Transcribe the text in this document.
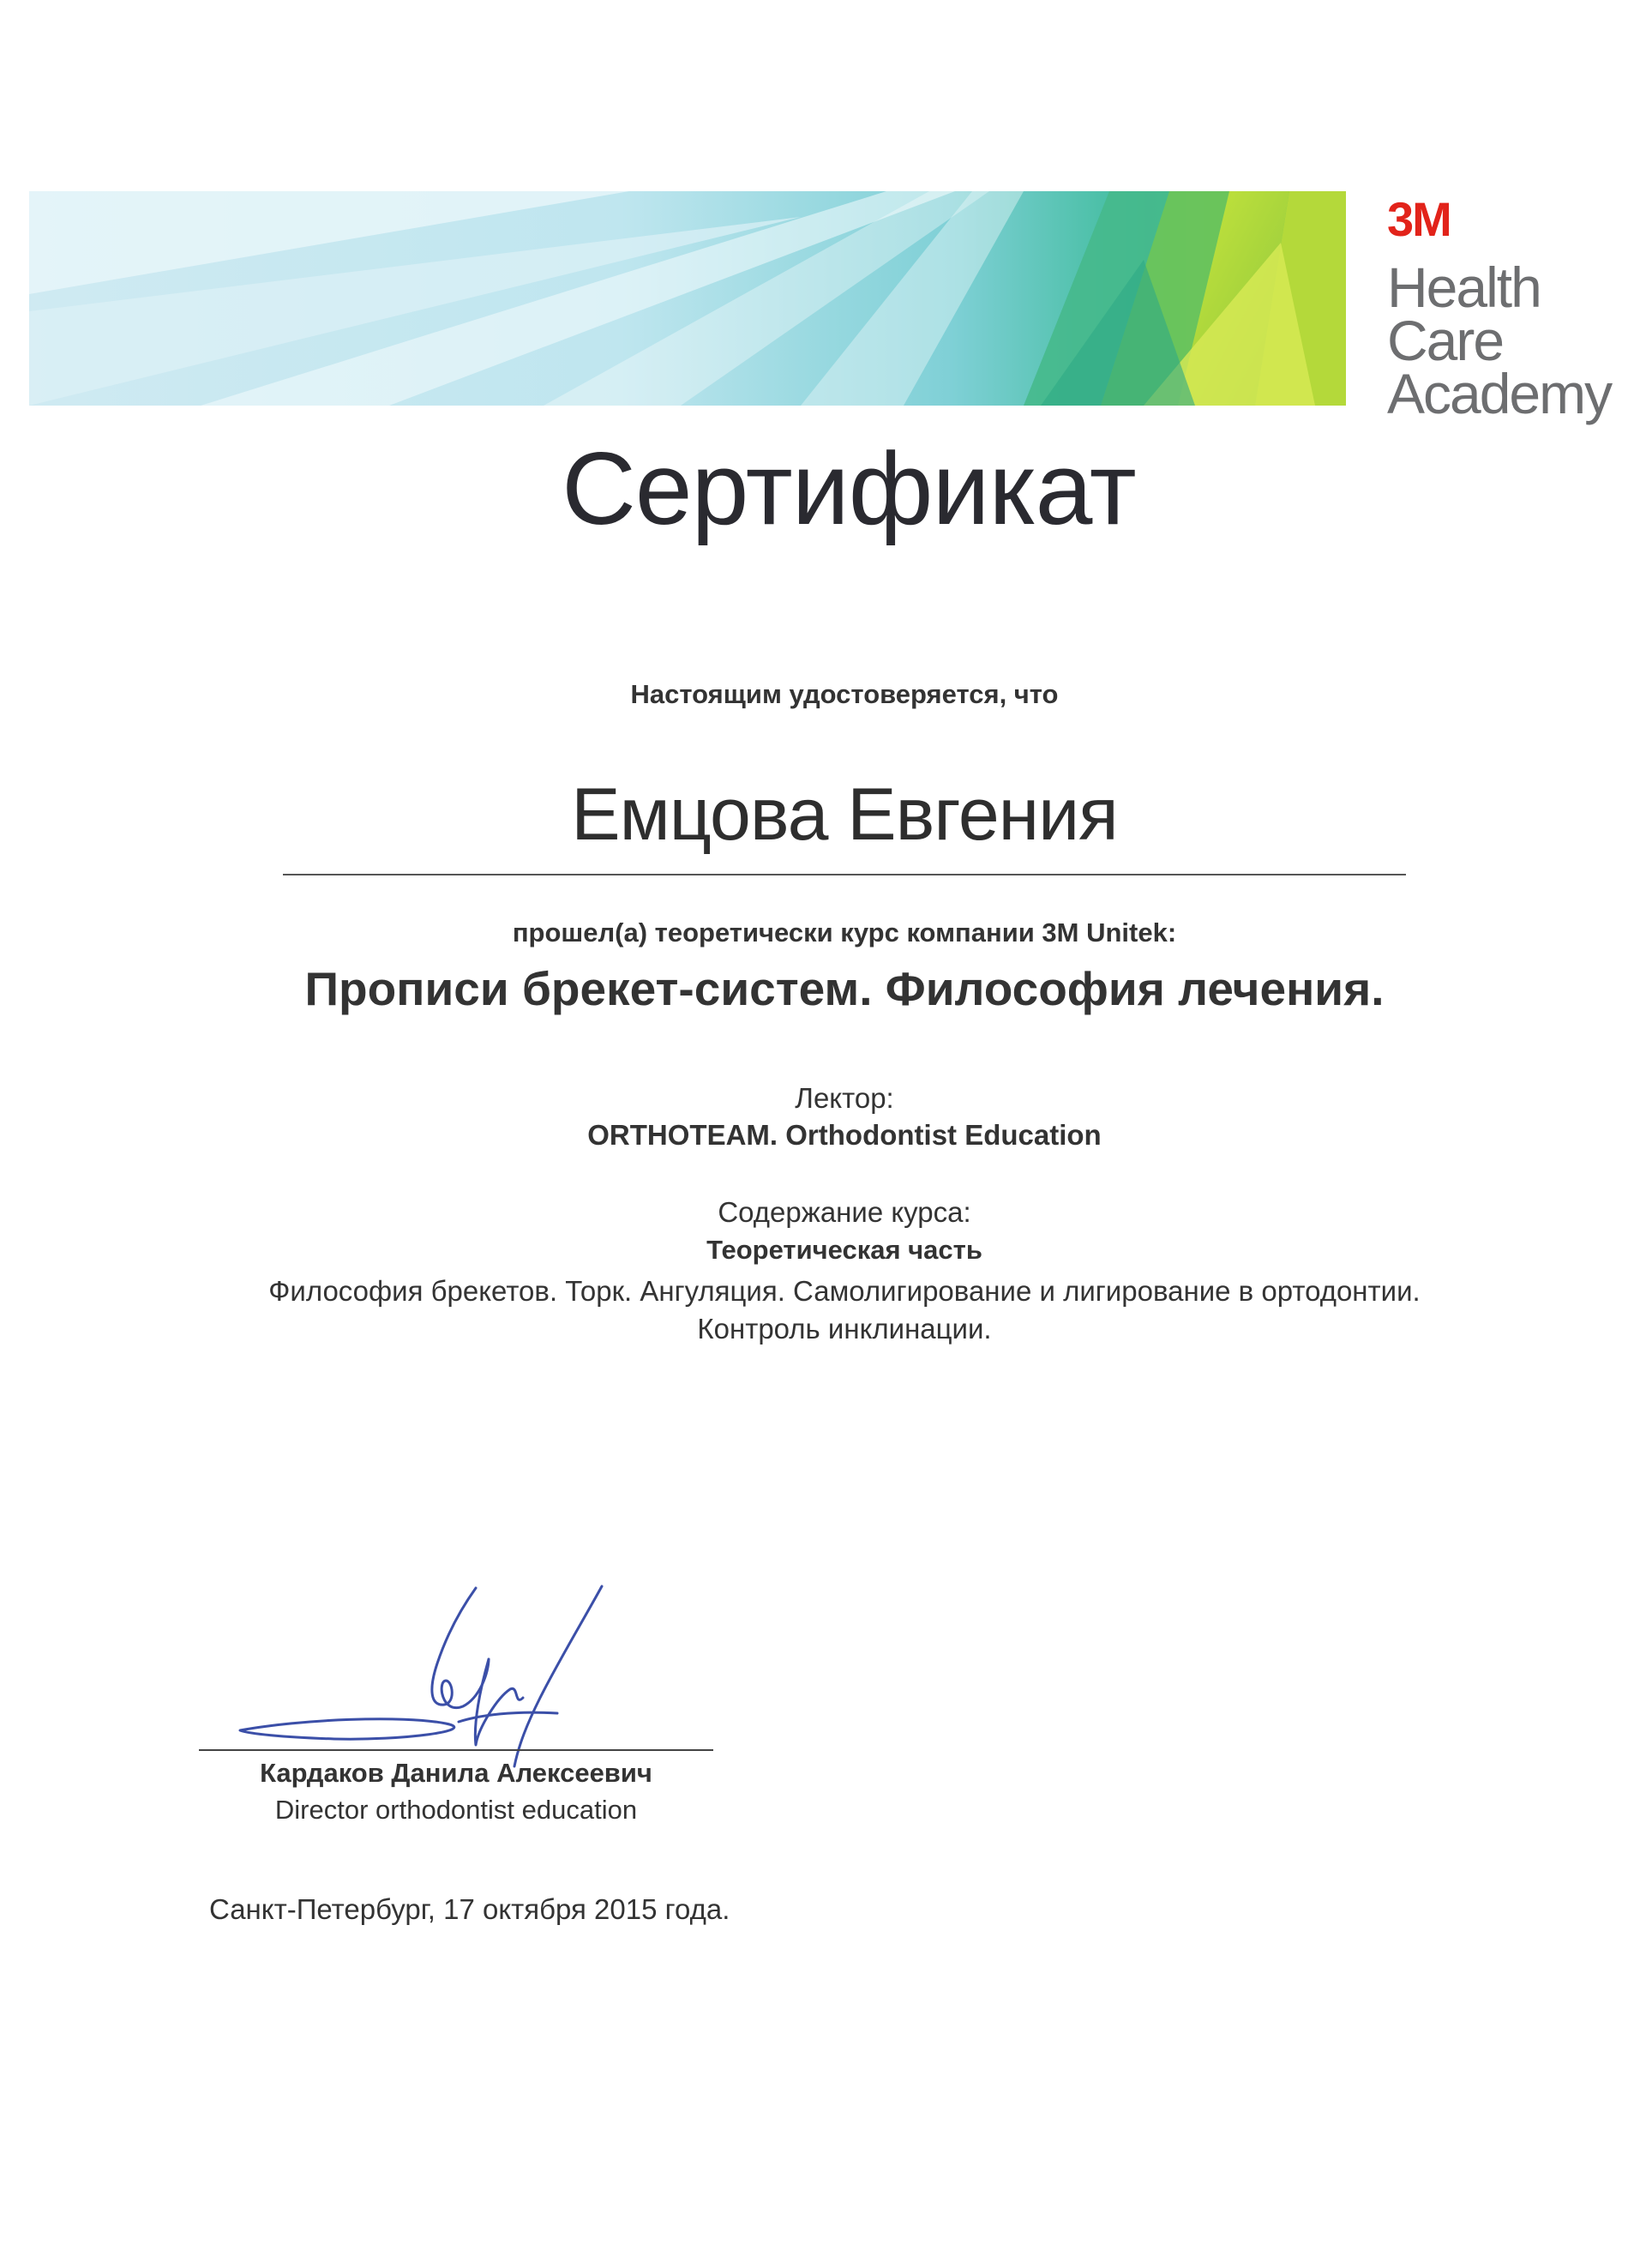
3M
Health
Care
Academy
Сертификат
Настоящим удостоверяется, что
Емцова Евгения
прошел(а) теоретически курс компании 3M Unitek:
Прописи брекет-систем. Философия лечения.
Лектор:
ORTHOTEAM. Orthodontist Education
Содержание курса:
Теоретическая часть
Философия брекетов. Торк. Ангуляция. Самолигирование и лигирование в ортодонтии.
Контроль инклинации.
Кардаков Данила Алексеевич
Director orthodontist education
Санкт-Петербург, 17 октября 2015 года.
